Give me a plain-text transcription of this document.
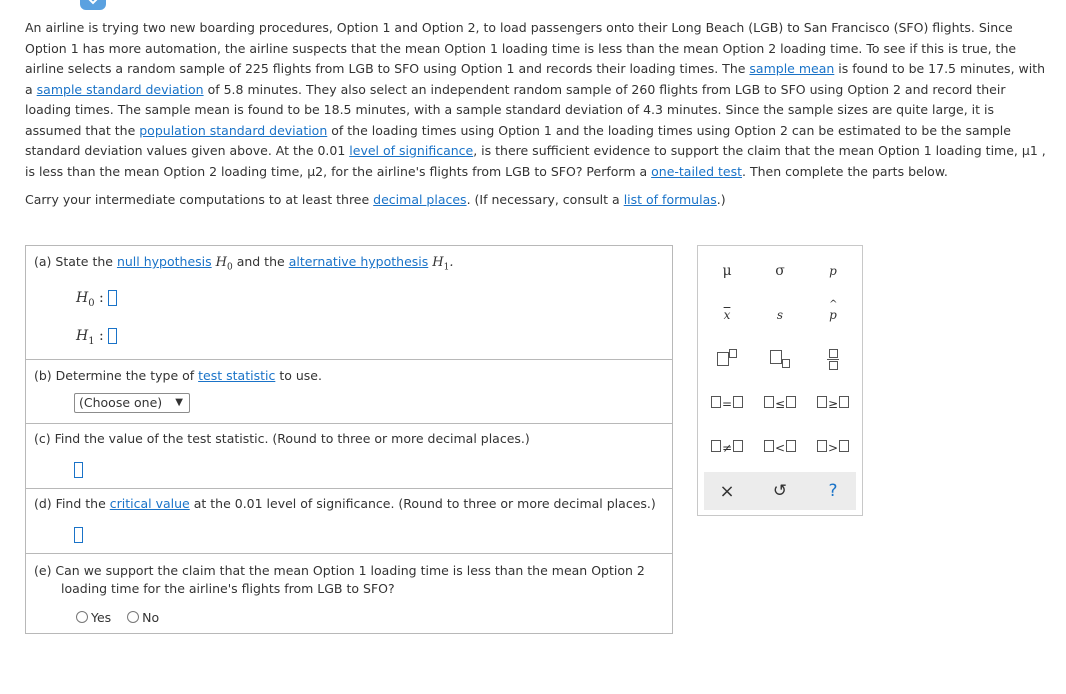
An airline is trying two new boarding procedures, Option 1 and Option 2, to load passengers onto their Long Beach (LGB) to San Francisco (SFO) flights. Since Option 1 has more automation, the airline suspects that the mean Option 1 loading time is less than the mean Option 2 loading time. To see if this is true, the airline selects a random sample of 225 flights from LGB to SFO using Option 1 and records their loading times. The sample mean is found to be 17.5 minutes, with a sample standard deviation of 5.8 minutes. They also select an independent random sample of 260 flights from LGB to SFO using Option 2 and record their loading times. The sample mean is found to be 18.5 minutes, with a sample standard deviation of 4.3 minutes. Since the sample sizes are quite large, it is assumed that the population standard deviation of the loading times using Option 1 and the loading times using Option 2 can be estimated to be the sample standard deviation values given above. At the 0.01 level of significance, is there sufficient evidence to support the claim that the mean Option 1 loading time, μ1 , is less than the mean Option 2 loading time, μ2, for the airline's flights from LGB to SFO? Perform a one-tailed test. Then complete the parts below.
Carry your intermediate computations to at least three decimal places. (If necessary, consult a list of formulas.)
(a) State the null hypothesis $H_0$ and the alternative hypothesis $H_1$.
$H_0$ :
$H_1$ :
(b) Determine the type of test statistic to use.
(Choose one) ▼
(c) Find the value of the test statistic. (Round to three or more decimal places.)
(d) Find the critical value at the 0.01 level of significance. (Round to three or more decimal places.)
(e) Can we support the claim that the mean Option 1 loading time is less than the mean Option 2
loading time for the airline's flights from LGB to SFO?
Yes No
μ	σ	p
$\overline{x}$	s	p
^
=	≤	≥
≠	<	>
× ↺ ?
